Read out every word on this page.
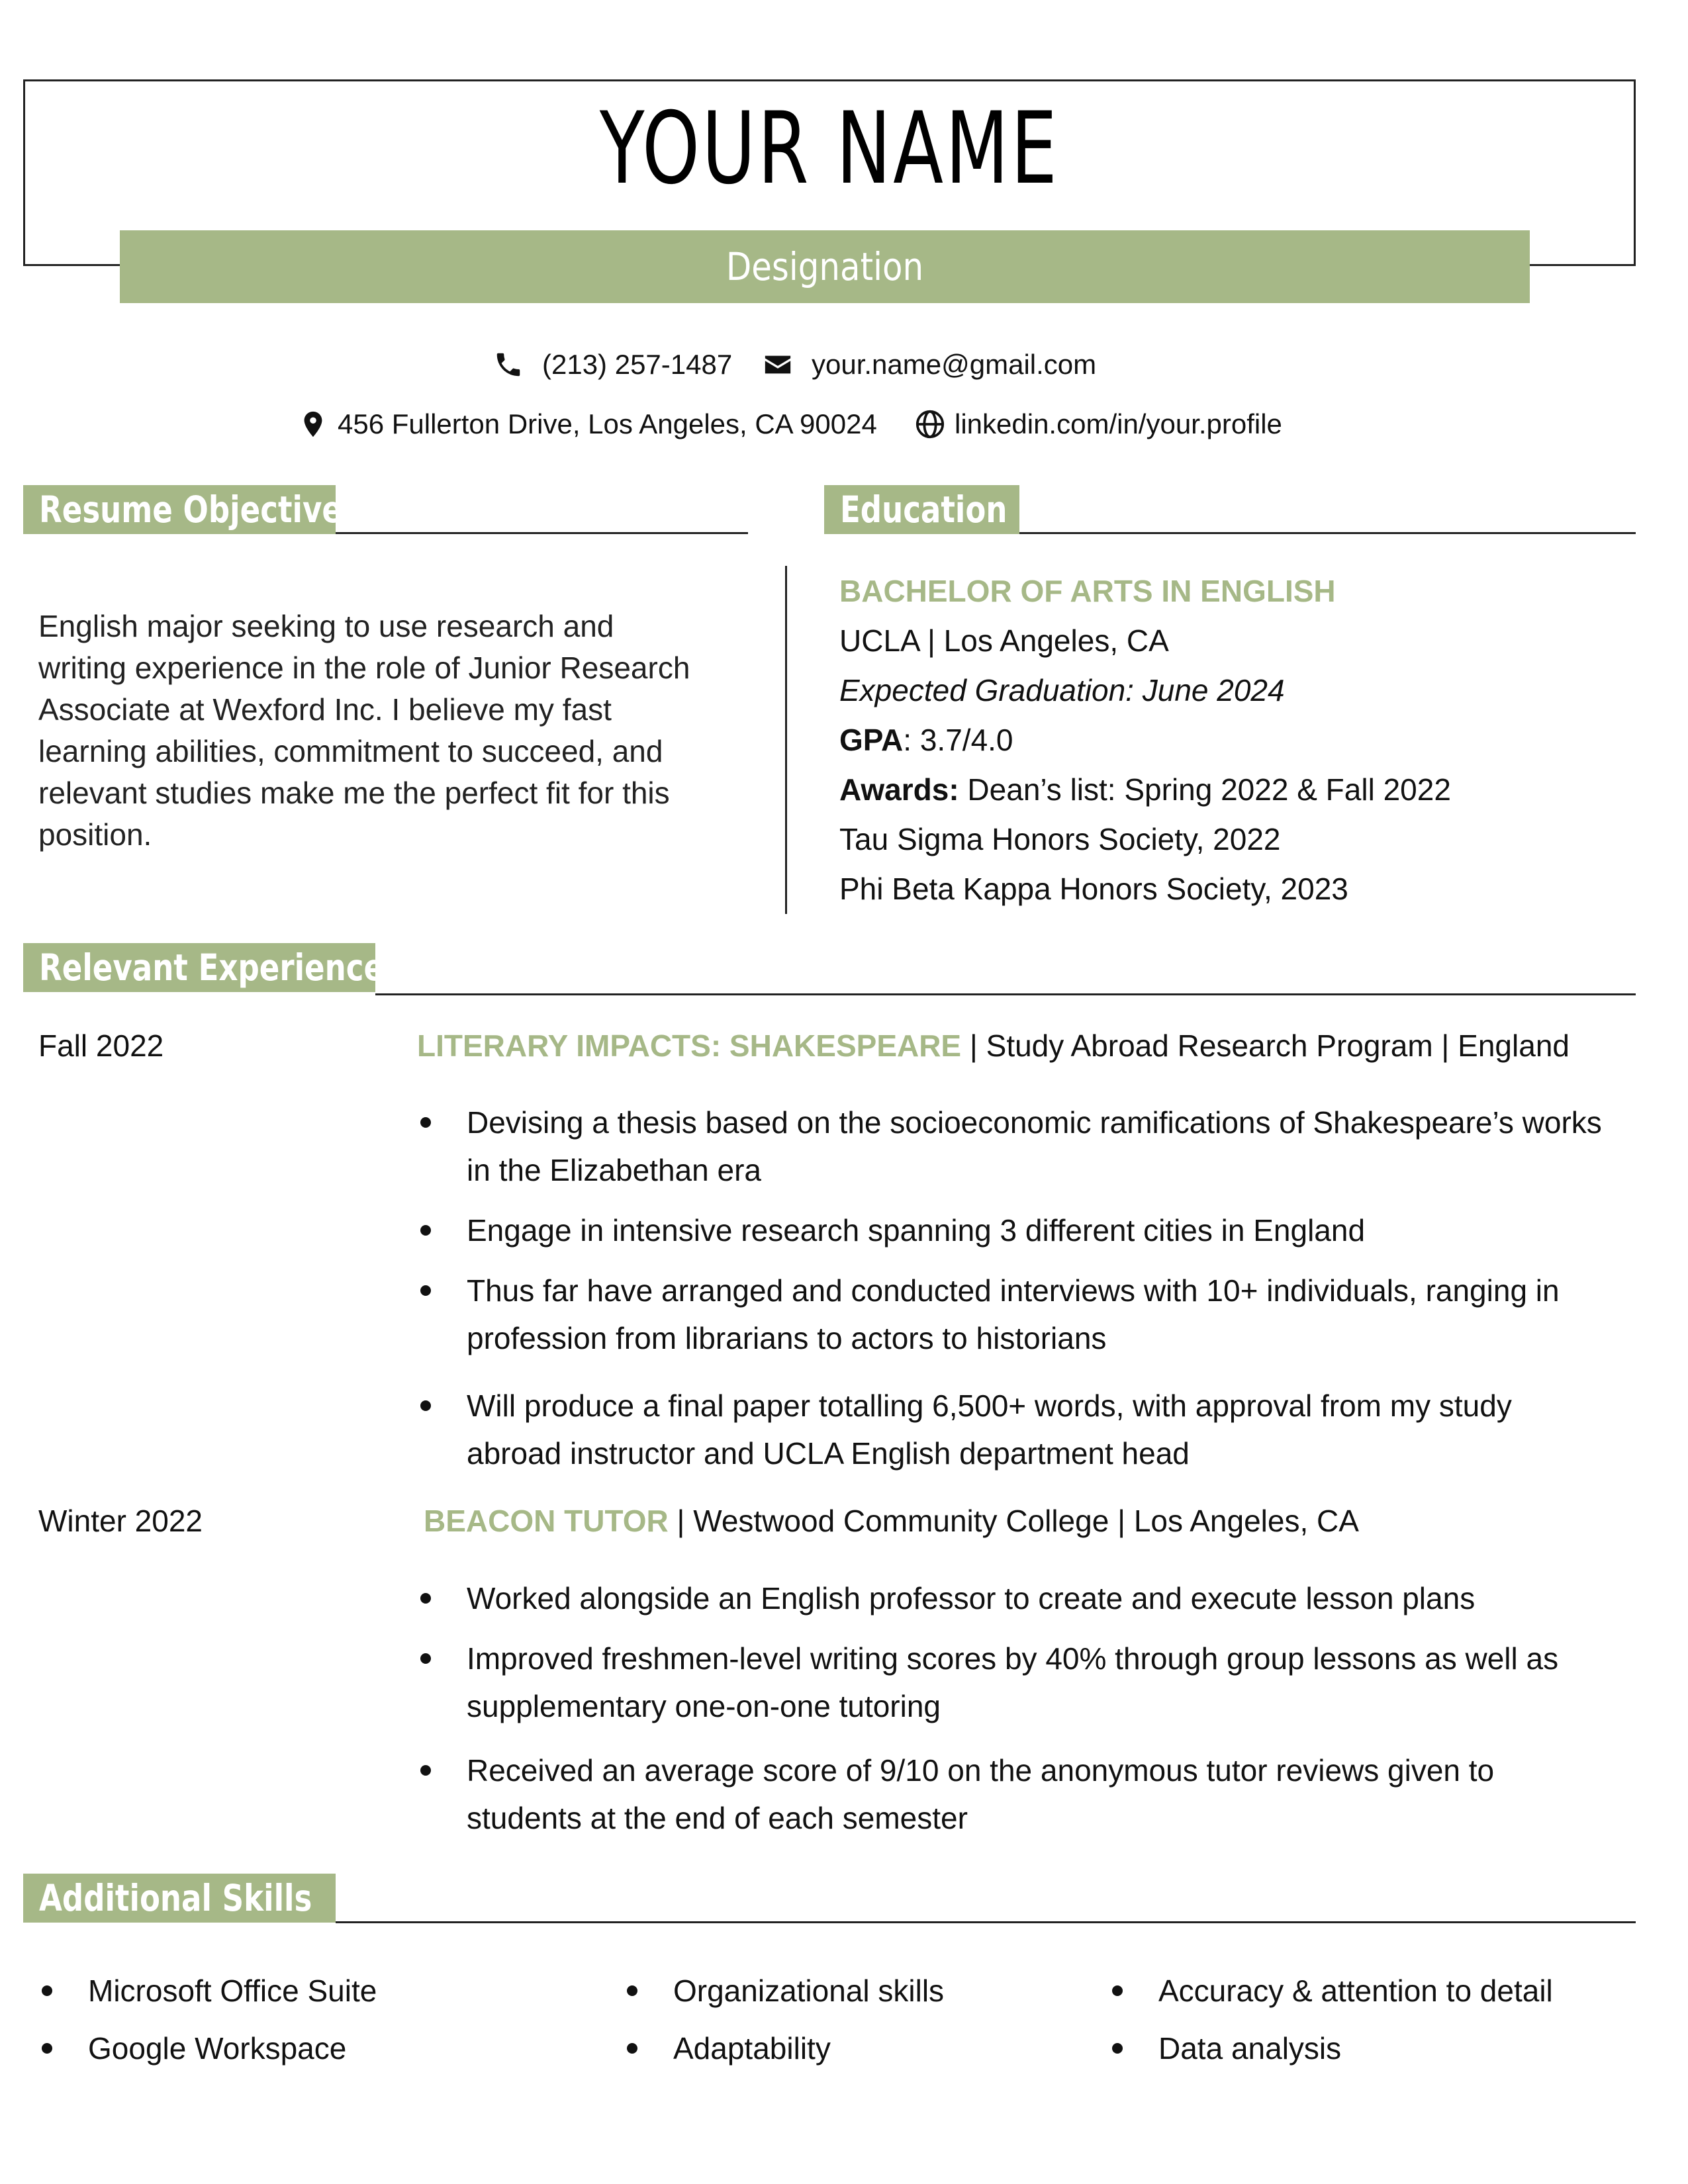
YOUR NAME
Designation
(213) 257-1487	your.name@gmail.com
456 Fullerton Drive, Los Angeles, CA 90024	linkedin.com/in/your.profile
Resume Objective
English major seeking to use research and
writing experience in the role of Junior Research
Associate at Wexford Inc. I believe my fast
learning abilities, commitment to succeed, and
relevant studies make me the perfect fit for this
position.
Education
BACHELOR OF ARTS IN ENGLISH
UCLA | Los Angeles, CA
Expected Graduation: June 2024
GPA: 3.7/4.0
Awards: Dean’s list: Spring 2022 & Fall 2022
Tau Sigma Honors Society, 2022
Phi Beta Kappa Honors Society, 2023
Relevant Experience
Fall 2022	LITERARY IMPACTS: SHAKESPEARE | Study Abroad Research Program | England
Devising a thesis based on the socioeconomic ramifications of Shakespeare’s works
in the Elizabethan era
Engage in intensive research spanning 3 different cities in England
Thus far have arranged and conducted interviews with 10+ individuals, ranging in
profession from librarians to actors to historians
Will produce a final paper totalling 6,500+ words, with approval from my study
abroad instructor and UCLA English department head
Winter 2022	BEACON TUTOR | Westwood Community College | Los Angeles, CA
Worked alongside an English professor to create and execute lesson plans
Improved freshmen-level writing scores by 40% through group lessons as well as
supplementary one-on-one tutoring
Received an average score of 9/10 on the anonymous tutor reviews given to
students at the end of each semester
Additional Skills
Microsoft Office Suite
Google Workspace
Organizational skills
Adaptability
Accuracy & attention to detail
Data analysis
